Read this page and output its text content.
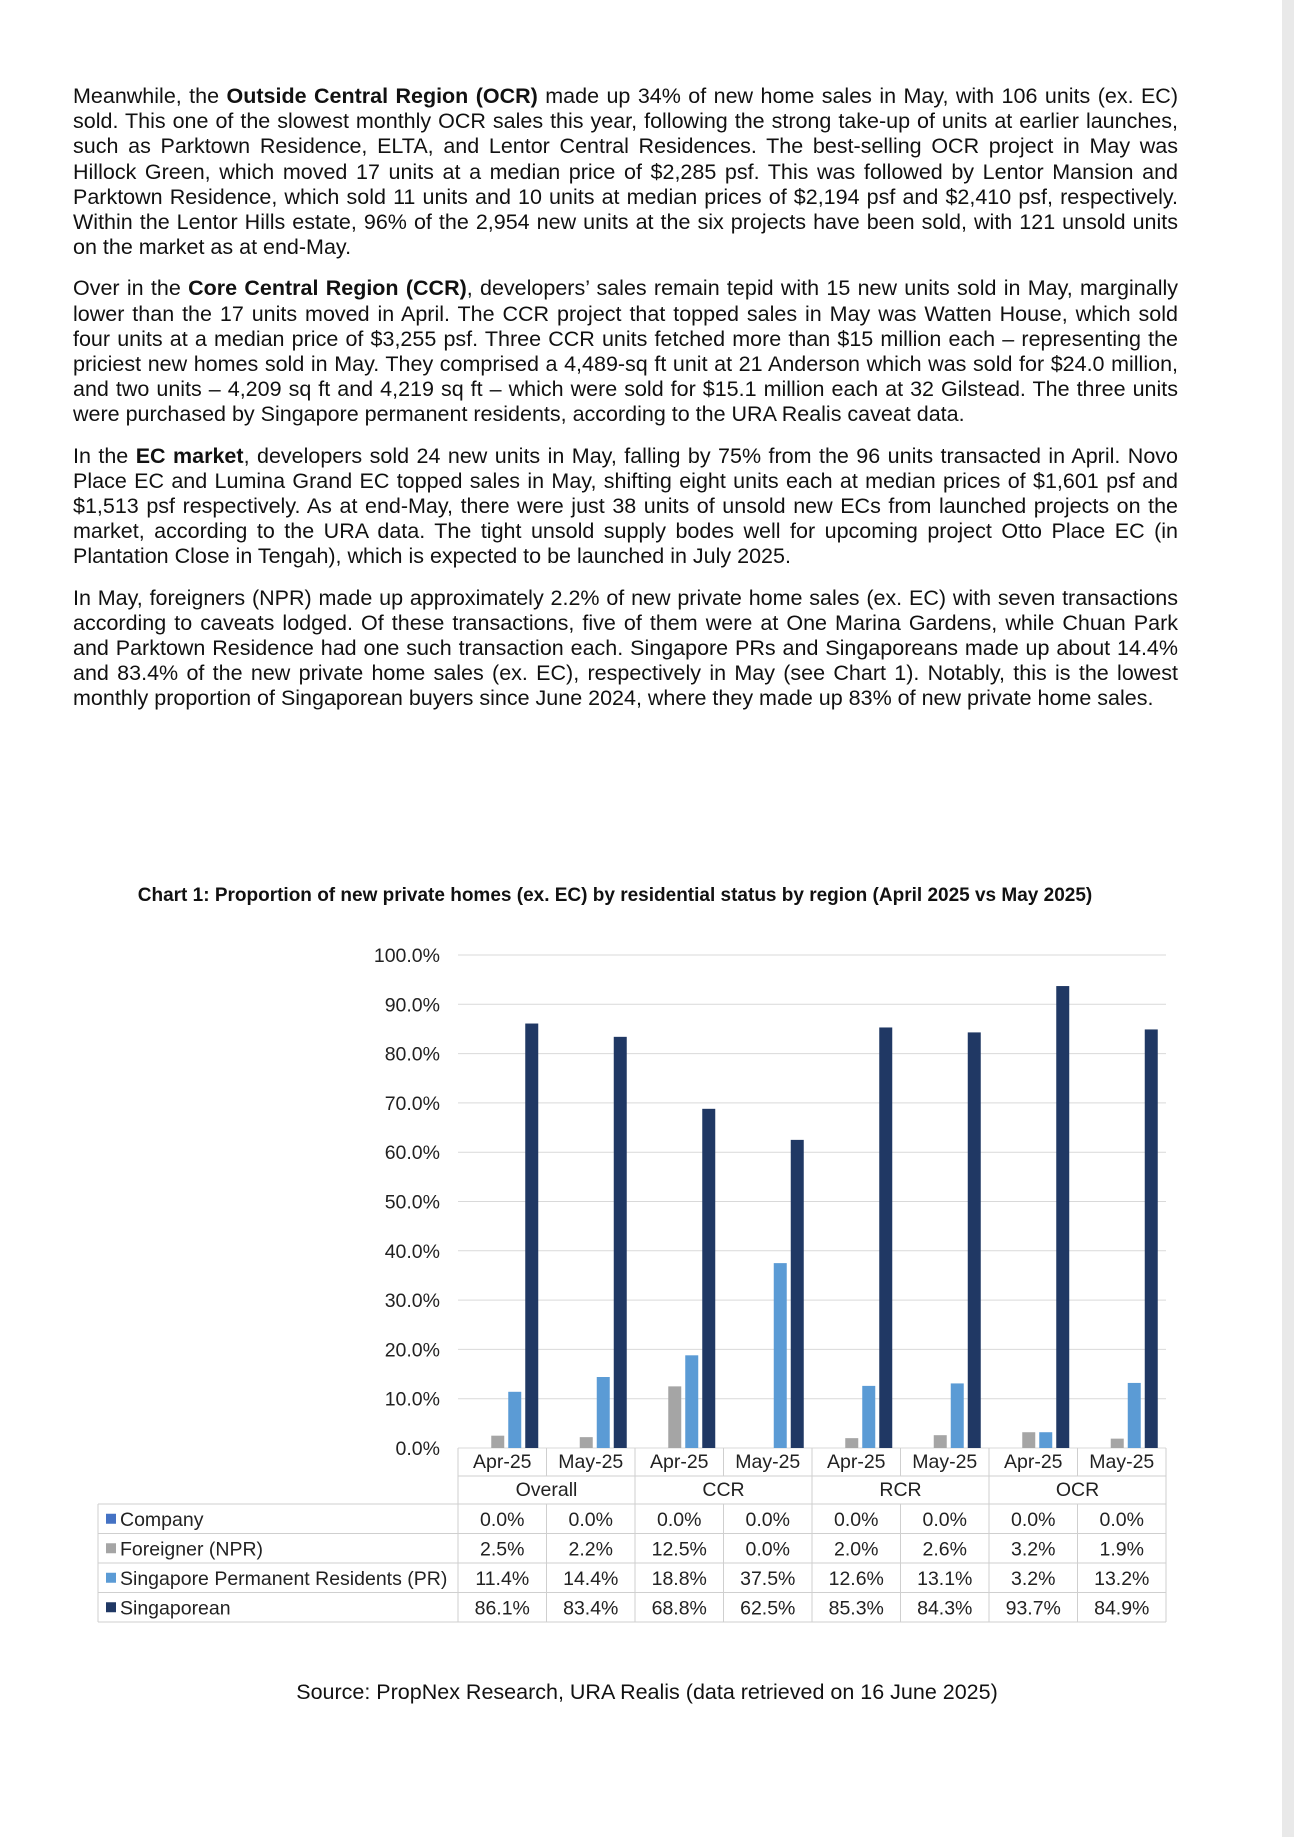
Meanwhile, the Outside Central Region (OCR) made up 34% of new home sales in May, with 106 units (ex. EC) sold. This one of the slowest monthly OCR sales this year, following the strong take-up of units at earlier launches, such as Parktown Residence, ELTA, and Lentor Central Residences. The best-selling OCR project in May was Hillock Green, which moved 17 units at a median price of $2,285 psf. This was followed by Lentor Mansion and Parktown Residence, which sold 11 units and 10 units at median prices of $2,194 psf and $2,410 psf, respectively. Within the Lentor Hills estate, 96% of the 2,954 new units at the six projects have been sold, with 121 unsold units on the market as at end-May.

Over in the Core Central Region (CCR), developers’ sales remain tepid with 15 new units sold in May, marginally lower than the 17 units moved in April. The CCR project that topped sales in May was Watten House, which sold four units at a median price of $3,255 psf. Three CCR units fetched more than $15 million each – representing the priciest new homes sold in May. They comprised a 4,489-sq ft unit at 21 Anderson which was sold for $24.0 million, and two units – 4,209 sq ft and 4,219 sq ft – which were sold for $15.1 million each at 32 Gilstead. The three units were purchased by Singapore permanent residents, according to the URA Realis caveat data.

In the EC market, developers sold 24 new units in May, falling by 75% from the 96 units transacted in April. Novo Place EC and Lumina Grand EC topped sales in May, shifting eight units each at median prices of $1,601 psf and $1,513 psf respectively. As at end-May, there were just 38 units of unsold new ECs from launched projects on the market, according to the URA data. The tight unsold supply bodes well for upcoming project Otto Place EC (in Plantation Close in Tengah), which is expected to be launched in July 2025.

In May, foreigners (NPR) made up approximately 2.2% of new private home sales (ex. EC) with seven transactions according to caveats lodged. Of these transactions, five of them were at One Marina Gardens, while Chuan Park and Parktown Residence had one such transaction each. Singapore PRs and Singaporeans made up about 14.4% and 83.4% of the new private home sales (ex. EC), respectively in May (see Chart 1). Notably, this is the lowest monthly proportion of Singaporean buyers since June 2024, where they made up 83% of new private home sales.

Chart 1: Proportion of new private homes (ex. EC) by residential status by region (April 2025 vs May 2025)
0.0%
10.0%
20.0%
30.0%
40.0%
50.0%
60.0%
70.0%
80.0%
90.0%
100.0%
Apr-25 May-25 Apr-25 May-25 Apr-25 May-25 Apr-25 May-25
Overall	CCR	RCR	OCR
Company	0.0% 0.0% 0.0% 0.0% 0.0% 0.0% 0.0% 0.0%
Foreigner (NPR)	2.5% 2.2% 12.5% 0.0% 2.0% 2.6% 3.2% 1.9%
Singapore Permanent Residents (PR) 11.4% 14.4% 18.8% 37.5% 12.6% 13.1% 3.2% 13.2%
Singaporean	86.1% 83.4% 68.8% 62.5% 85.3% 84.3% 93.7% 84.9%
Source: PropNex Research, URA Realis (data retrieved on 16 June 2025)
